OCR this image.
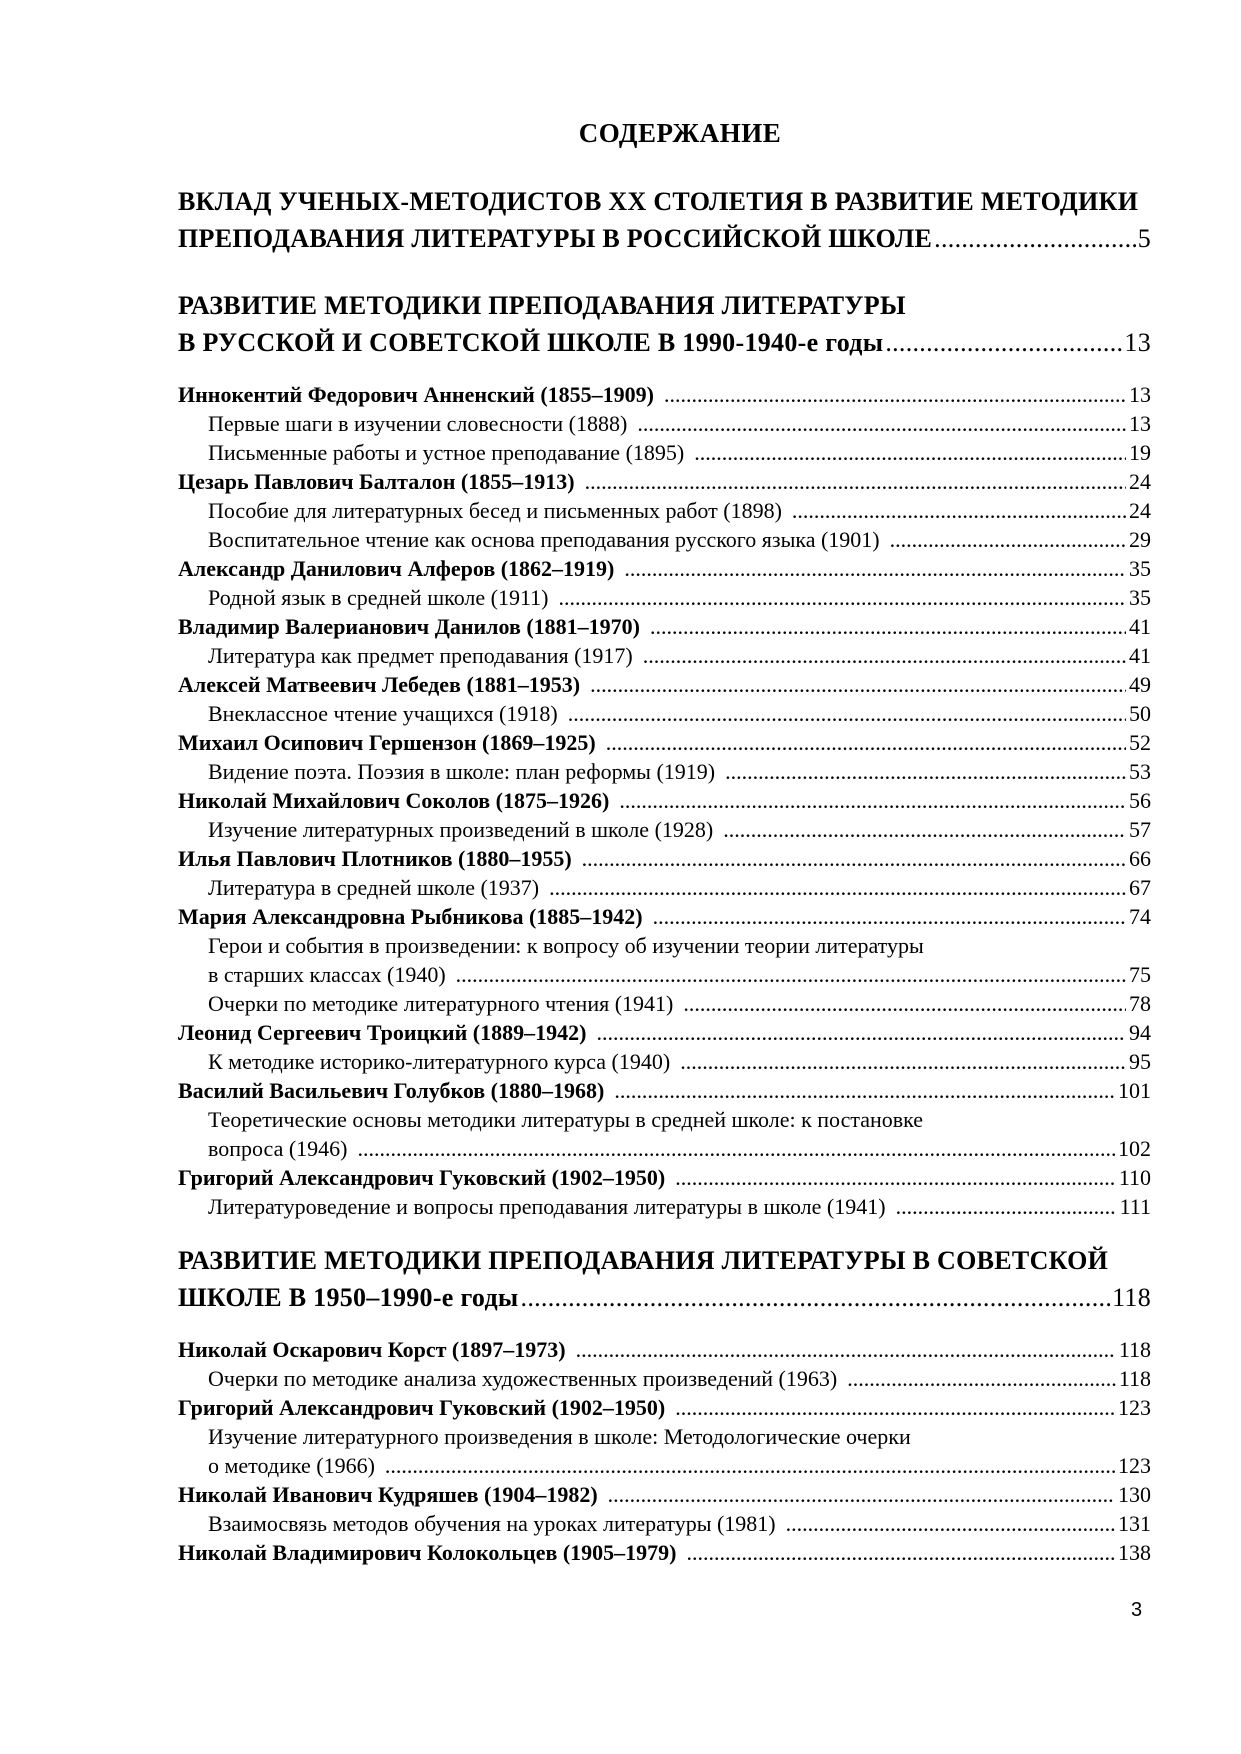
СОДЕРЖАНИЕ
ВКЛАД УЧЕНЫХ-МЕТОДИСТОВ ХХ СТОЛЕТИЯ В РАЗВИТИЕ МЕТОДИКИ
ПРЕПОДАВАНИЯ ЛИТЕРАТУРЫ В РОССИЙСКОЙ ШКОЛЕ .....	5
РАЗВИТИЕ МЕТОДИКИ ПРЕПОДАВАНИЯ ЛИТЕРАТУРЫ
В РУССКОЙ И СОВЕТСКОЙ ШКОЛЕ В 1990-1940-е годы .....	13
Иннокентий Федорович Анненский (1855–1909) .....	13
Первые шаги в изучении словесности (1888) .....	13
Письменные работы и устное преподавание (1895) .....	19
Цезарь Павлович Балталон (1855–1913) .....	24
Пособие для литературных бесед и письменных работ (1898) .....	24
Воспитательное чтение как основа преподавания русского языка (1901) .....	29
Александр Данилович Алферов (1862–1919) .....	35
Родной язык в средней школе (1911) .....	35
Владимир Валерианович Данилов (1881–1970) .....	41
Литература как предмет преподавания (1917) .....	41
Алексей Матвеевич Лебедев (1881–1953) .....	49
Внеклассное чтение учащихся (1918) .....	50
Михаил Осипович Гершензон (1869–1925) .....	52
Видение поэта. Поэзия в школе: план реформы (1919) .....	53
Николай Михайлович Соколов (1875–1926) .....	56
Изучение литературных произведений в школе (1928) .....	57
Илья Павлович Плотников (1880–1955) .....	66
Литература в средней школе (1937) .....	67
Мария Александровна Рыбникова (1885–1942) .....	74
Герои и события в произведении: к вопросу об изучении теории литературы
в старших классах (1940) .....	75
Очерки по методике литературного чтения (1941) .....	78
Леонид Сергеевич Троицкий (1889–1942) .....	94
К методике историко-литературного курса (1940) .....	95
Василий Васильевич Голубков (1880–1968) .....	101
Теоретические основы методики литературы в средней школе: к постановке
вопроса (1946) .....	102
Григорий Александрович Гуковский (1902–1950) .....	110
Литературоведение и вопросы преподавания литературы в школе (1941) .....	111
РАЗВИТИЕ МЕТОДИКИ ПРЕПОДАВАНИЯ ЛИТЕРАТУРЫ В СОВЕТСКОЙ
ШКОЛЕ В 1950–1990-е годы .....	118
Николай Оскарович Корст (1897–1973) .....	118
Очерки по методике анализа художественных произведений (1963) .....	118
Григорий Александрович Гуковский (1902–1950) .....	123
Изучение литературного произведения в школе: Методологические очерки
о методике (1966) .....	123
Николай Иванович Кудряшев (1904–1982) .....	130
Взаимосвязь методов обучения на уроках литературы (1981) .....	131
Николай Владимирович Колокольцев (1905–1979) .....	138
3
